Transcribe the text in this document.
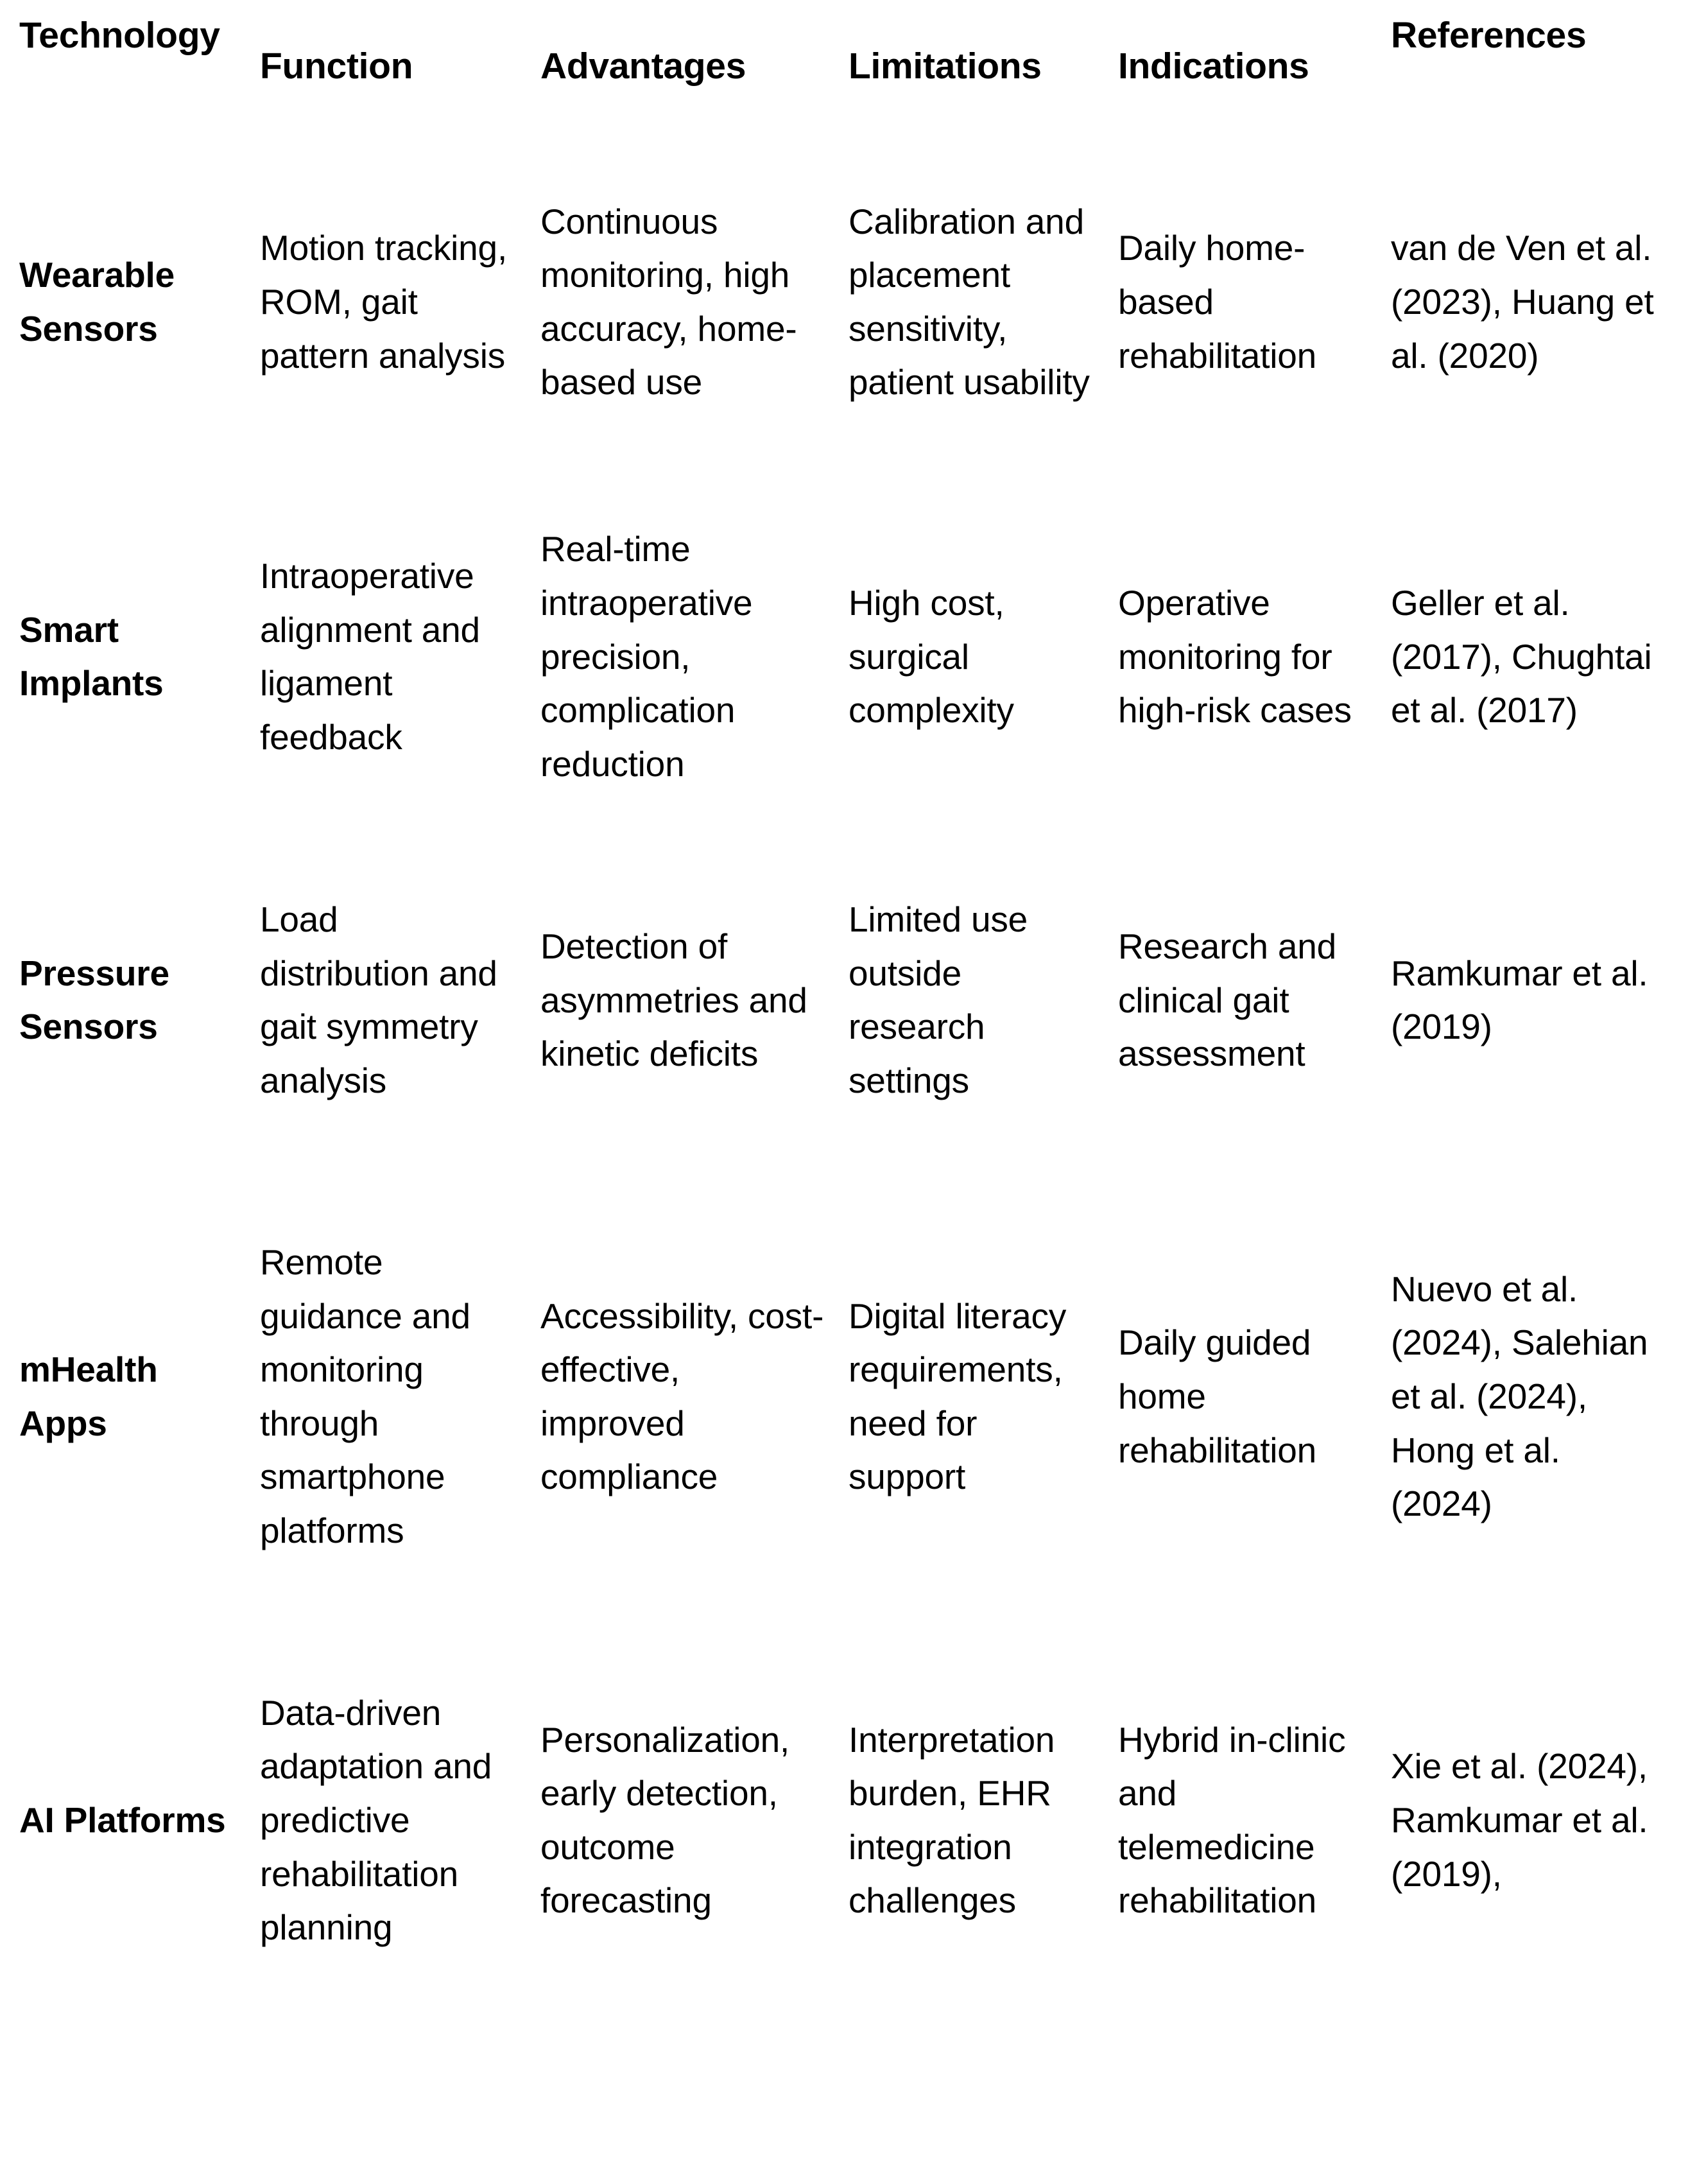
Technology	Function	Advantages	Limitations	Indications	References
Wearable Sensors	Motion tracking, ROM, gait pattern analysis	Continuous monitoring, high accuracy, home-based use	Calibration and placement sensitivity, patient usability	Daily home-based rehabilitation	van de Ven et al. (2023), Huang et al. (2020)
Smart Implants	Intraoperative alignment and ligament feedback	Real-time intraoperative precision, complication reduction	High cost, surgical complexity	Operative monitoring for high-risk cases	Geller et al. (2017), Chughtai et al. (2017)
Pressure Sensors	Load distribution and gait symmetry analysis	Detection of asymmetries and kinetic deficits	Limited use outside research settings	Research and clinical gait assessment	Ramkumar et al. (2019)
mHealth Apps	Remote guidance and monitoring through smartphone platforms	Accessibility, cost-effective, improved compliance	Digital literacy requirements, need for support	Daily guided home rehabilitation	Nuevo et al. (2024), Salehian et al. (2024), Hong et al. (2024)
AI Platforms	Data-driven adaptation and predictive rehabilitation planning	Personalization, early detection, outcome forecasting	Interpretation burden, EHR integration challenges	Hybrid in-clinic and telemedicine rehabilitation	Xie et al. (2024), Ramkumar et al. (2019),
